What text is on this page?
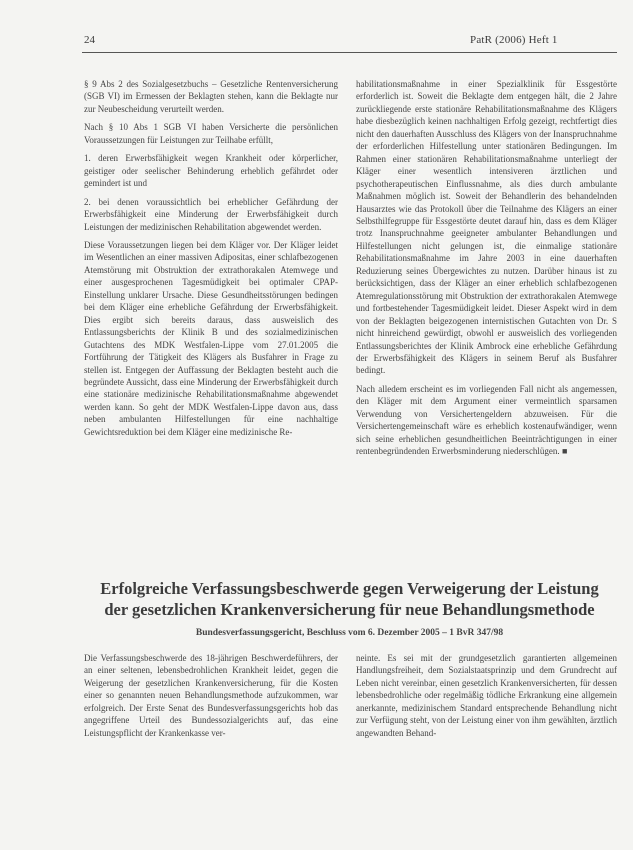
24	PatR (2006) Heft 1

§ 9 Abs 2 des Sozialgesetzbuchs – Gesetzliche Rentenversicherung (SGB VI) im Ermessen der Beklagten stehen, kann die Beklagte nur zur Neubescheidung verurteilt werden.

Nach § 10 Abs 1 SGB VI haben Versicherte die persönlichen Voraussetzungen für Leistungen zur Teilhabe erfüllt,

1. deren Erwerbsfähigkeit wegen Krankheit oder körperlicher, geistiger oder seelischer Behinderung erheblich gefährdet oder gemindert ist und

2. bei denen voraussichtlich bei erheblicher Gefährdung der Erwerbsfähigkeit eine Minderung der Erwerbsfähigkeit durch Leistungen der medizinischen Rehabilitation abgewendet werden.

Diese Voraussetzungen liegen bei dem Kläger vor. Der Kläger leidet im Wesentlichen an einer massiven Adipositas, einer schlafbezogenen Atemstörung mit Obstruktion der extrathorakalen Atemwege und einer ausgesprochenen Tagesmüdigkeit bei optimaler CPAP-Einstellung unklarer Ursache. Diese Gesundheitsstörungen bedingen bei dem Kläger eine erhebliche Gefährdung der Erwerbsfähigkeit. Dies ergibt sich bereits daraus, dass ausweislich des Entlassungsberichts der Klinik B und des sozialmedizinischen Gutachtens des MDK Westfalen-Lippe vom 27.01.2005 die Fortführung der Tätigkeit des Klägers als Busfahrer in Frage zu stellen ist. Entgegen der Auffassung der Beklagten besteht auch die begründete Aussicht, dass eine Minderung der Erwerbsfähigkeit durch eine stationäre medizinische Rehabilitationsmaßnahme abgewendet werden kann. So geht der MDK Westfalen-Lippe davon aus, dass neben ambulanten Hilfestellungen für eine nachhaltige Gewichtsreduktion bei dem Kläger eine medizinische Re-

habilitationsmaßnahme in einer Spezialklinik für Essgestörte erforderlich ist. Soweit die Beklagte dem entgegen hält, die 2 Jahre zurückliegende erste stationäre Rehabilitationsmaßnahme des Klägers habe diesbezüglich keinen nachhaltigen Erfolg gezeigt, rechtfertigt dies nicht den dauerhaften Ausschluss des Klägers von der Inanspruchnahme der erforderlichen Hilfestellung unter stationären Bedingungen. Im Rahmen einer stationären Rehabilitationsmaßnahme unterliegt der Kläger einer wesentlich intensiveren ärztlichen und psychotherapeutischen Einflussnahme, als dies durch ambulante Maßnahmen möglich ist. Soweit der Behandlerin des behandelnden Hausarztes wie das Protokoll über die Teilnahme des Klägers an einer Selbsthilfegruppe für Essgestörte deutet darauf hin, dass es dem Kläger trotz Inanspruchnahme geeigneter ambulanter Behandlungen und Hilfestellungen nicht gelungen ist, die einmalige stationäre Rehabilitationsmaßnahme im Jahre 2003 in eine dauerhaften Reduzierung seines Übergewichtes zu nutzen. Darüber hinaus ist zu berücksichtigen, dass der Kläger an einer erheblich schlafbezogenen Atemregulationsstörung mit Obstruktion der extrathorakalen Atemwege und fortbestehender Tagesmüdigkeit leidet. Dieser Aspekt wird in dem von der Beklagten beigezogenen internistischen Gutachten von Dr. S nicht hinreichend gewürdigt, obwohl er ausweislich des vorliegenden Entlassungsberichtes der Klinik Ambrock eine erhebliche Gefährdung der Erwerbsfähigkeit des Klägers in seinem Beruf als Busfahrer bedingt.

Nach alledem erscheint es im vorliegenden Fall nicht als angemessen, den Kläger mit dem Argument einer vermeintlich sparsamen Verwendung von Versichertengeldern abzuweisen. Für die Versichertengemeinschaft wäre es erheblich kostenaufwändiger, wenn sich seine erheblichen gesundheitlichen Beeinträchtigungen in einer rentenbegründenden Erwerbsminderung niederschlügen. ■

Erfolgreiche Verfassungsbeschwerde gegen Verweigerung der Leistung
der gesetzlichen Krankenversicherung für neue Behandlungsmethode
Bundesverfassungsgericht, Beschluss vom 6. Dezember 2005 – 1 BvR 347/98

Die Verfassungsbeschwerde des 18-jährigen Beschwerdeführers, der an einer seltenen, lebensbedrohlichen Krankheit leidet, gegen die Weigerung der gesetzlichen Krankenversicherung, für die Kosten einer so genannten neuen Behandlungsmethode aufzukommen, war erfolgreich. Der Erste Senat des Bundesverfassungsgerichts hob das angegriffene Urteil des Bundessozialgerichts auf, das eine Leistungspflicht der Krankenkasse ver-

neinte. Es sei mit der grundgesetzlich garantierten allgemeinen Handlungsfreiheit, dem Sozialstaatsprinzip und dem Grundrecht auf Leben nicht vereinbar, einen gesetzlich Krankenversicherten, für dessen lebensbedrohliche oder regelmäßig tödliche Erkrankung eine allgemein anerkannte, medizinischem Standard entsprechende Behandlung nicht zur Verfügung steht, von der Leistung einer von ihm gewählten, ärztlich angewandten Behand-
